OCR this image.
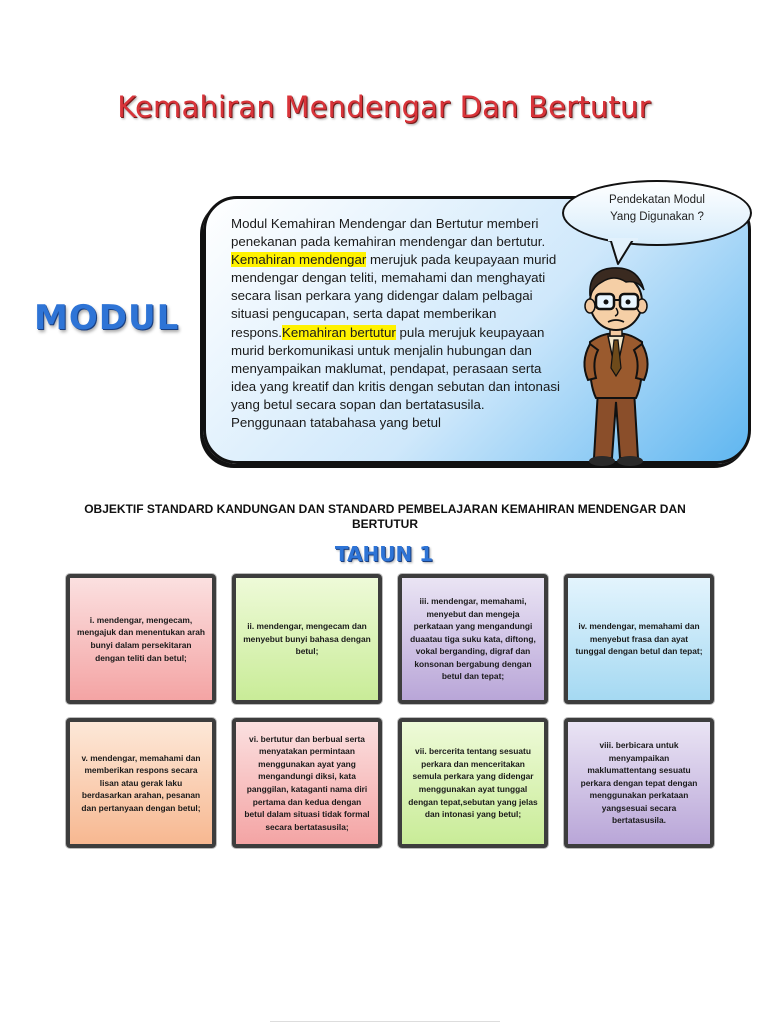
Kemahiran Mendengar Dan Bertutur
MODUL
Modul Kemahiran Mendengar dan Bertutur memberi penekanan pada kemahiran mendengar dan bertutur. Kemahiran mendengar merujuk pada keupayaan murid mendengar dengan teliti, memahami dan menghayati secara lisan perkara yang didengar dalam pelbagai situasi pengucapan, serta dapat memberikan respons.Kemahiran bertutur pula merujuk keupayaan murid berkomunikasi untuk menjalin hubungan dan menyampaikan maklumat, pendapat, perasaan serta idea yang kreatif dan kritis dengan sebutan dan intonasi yang betul secara sopan dan bertatasusila. Penggunaan tatabahasa yang betul
Pendekatan Modul
Yang Digunakan ?
OBJEKTIF STANDARD KANDUNGAN DAN STANDARD PEMBELAJARAN KEMAHIRAN MENDENGAR DAN BERTUTUR
TAHUN 1
i. mendengar, mengecam, mengajuk dan menentukan arah bunyi dalam persekitaran dengan teliti dan betul;
ii. mendengar, mengecam dan menyebut bunyi bahasa dengan betul;
iii. mendengar, memahami, menyebut dan mengeja perkataan yang mengandungi duaatau tiga suku kata, diftong, vokal berganding, digraf dan konsonan bergabung dengan betul dan tepat;
iv. mendengar, memahami dan menyebut frasa dan ayat tunggal dengan betul dan tepat;
v. mendengar, memahami dan memberikan respons secara lisan atau gerak laku berdasarkan arahan, pesanan dan pertanyaan dengan betul;
vi. bertutur dan berbual serta menyatakan permintaan menggunakan ayat yang mengandungi diksi, kata panggilan, kataganti nama diri pertama dan kedua dengan betul dalam situasi tidak formal secara bertatasusila;
vii. bercerita tentang sesuatu perkara dan menceritakan semula perkara yang didengar menggunakan ayat tunggal dengan tepat,sebutan yang jelas dan intonasi yang betul;
viii. berbicara untuk menyampaikan maklumattentang sesuatu perkara dengan tepat dengan menggunakan perkataan yangsesuai secara bertatasusila.
